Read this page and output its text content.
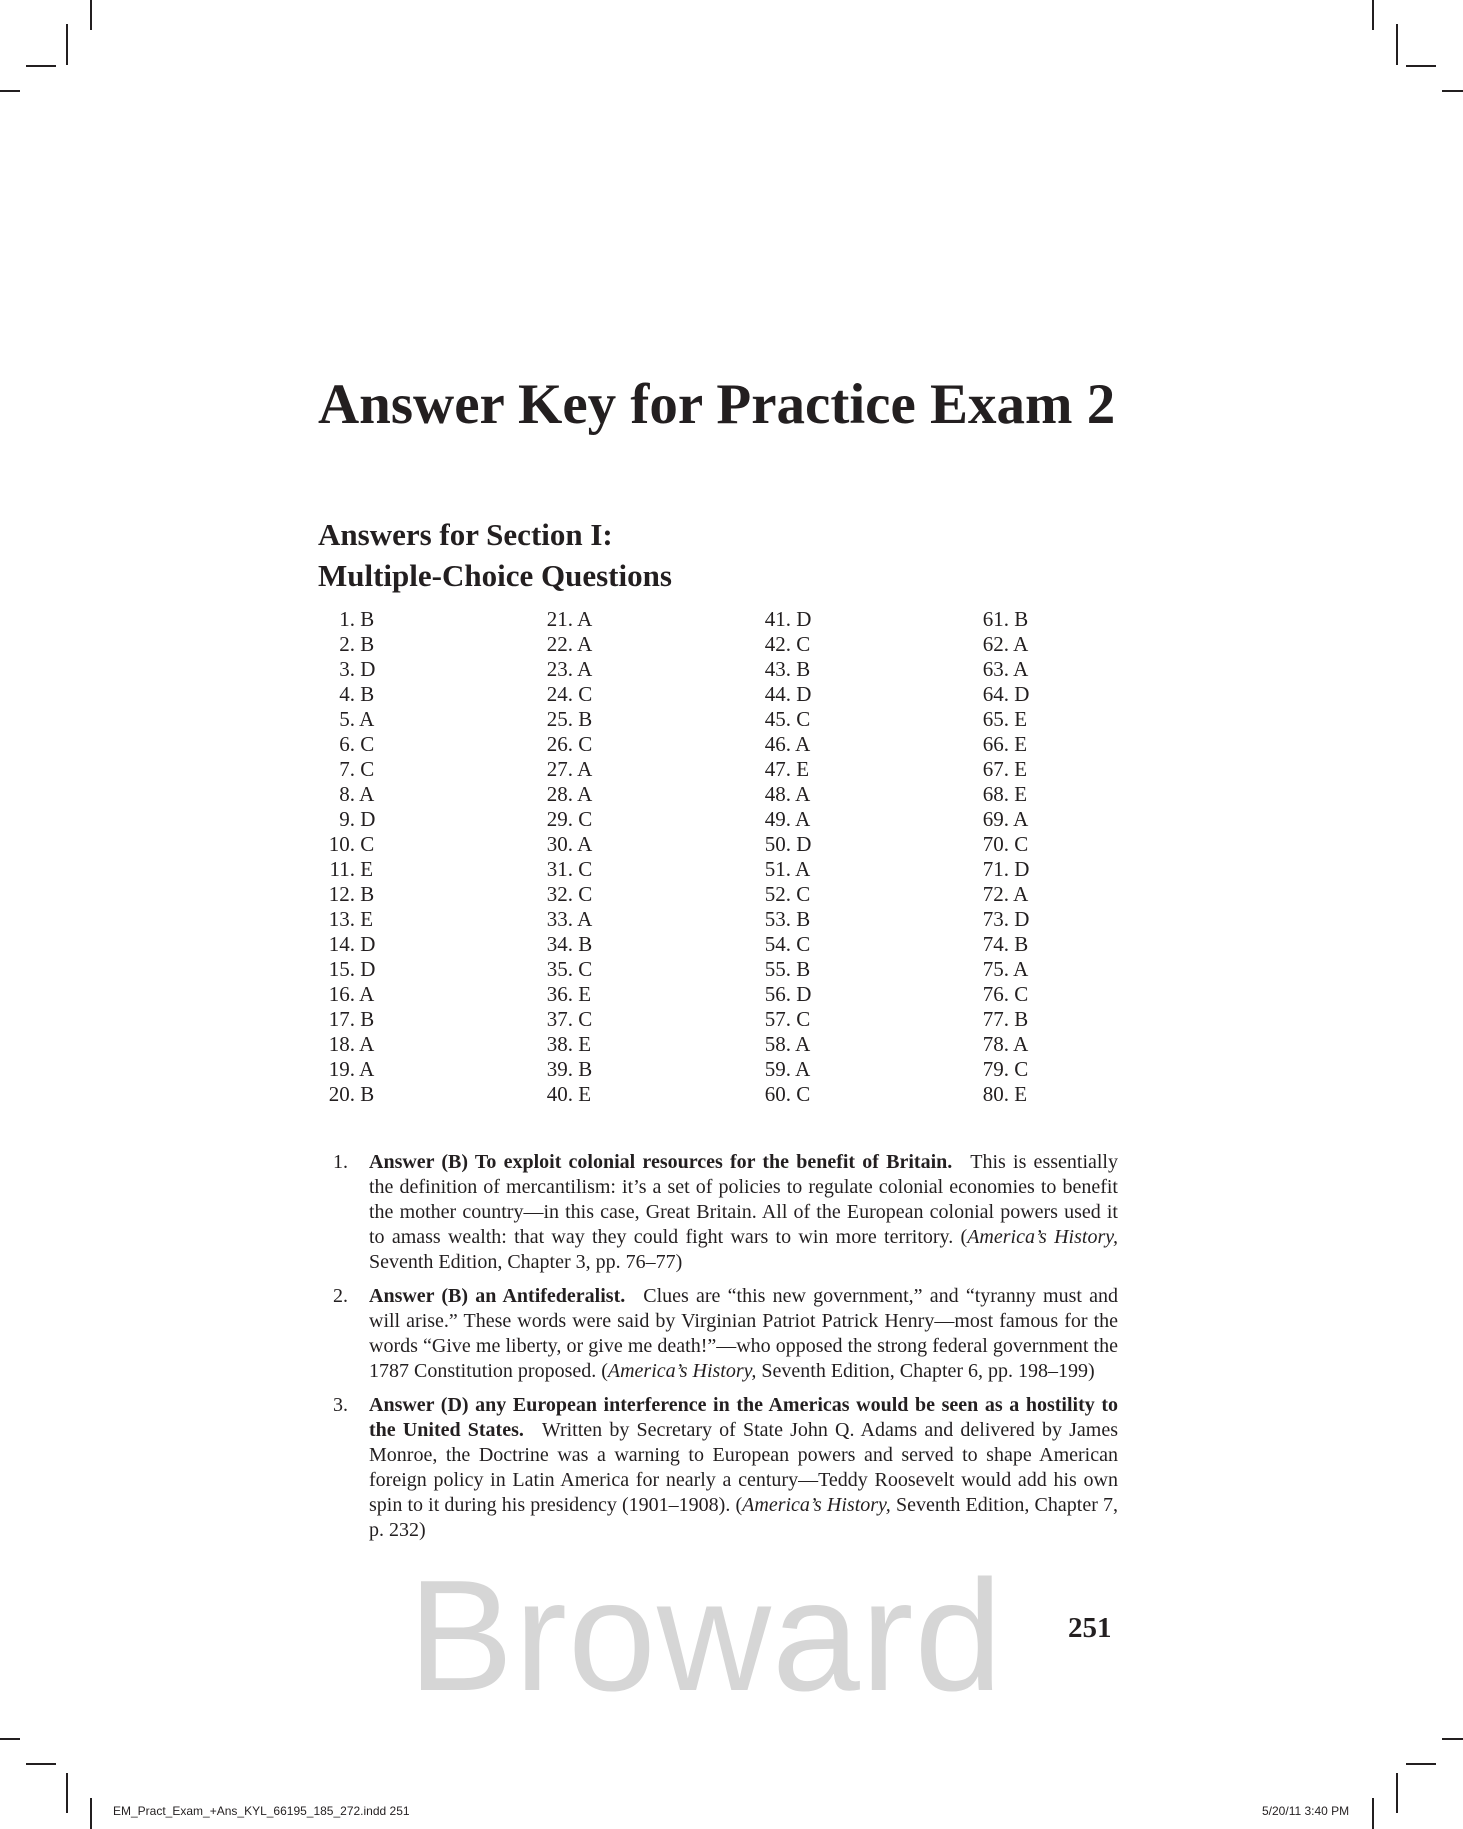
Answer Key for Practice Exam 2
Answers for Section I:
Multiple-Choice Questions
1. B
2. B
3. D
4. B
5. A
6. C
7. C
8. A
9. D
10. C
11. E
12. B
13. E
14. D
15. D
16. A
17. B
18. A
19. A
20. B
21. A
22. A
23. A
24. C
25. B
26. C
27. A
28. A
29. C
30. A
31. C
32. C
33. A
34. B
35. C
36. E
37. C
38. E
39. B
40. E
41. D
42. C
43. B
44. D
45. C
46. A
47. E
48. A
49. A
50. D
51. A
52. C
53. B
54. C
55. B
56. D
57. C
58. A
59. A
60. C
61. B
62. A
63. A
64. D
65. E
66. E
67. E
68. E
69. A
70. C
71. D
72. A
73. D
74. B
75. A
76. C
77. B
78. A
79. C
80. E
1. Answer (B) To exploit colonial resources for the benefit of Britain. This is essentially the definition of mercantilism: it’s a set of policies to regulate colonial economies to benefit the mother country—in this case, Great Britain. All of the European colonial powers used it to amass wealth: that way they could fight wars to win more territory. (America’s History, Seventh Edition, Chapter 3, pp. 76–77)
2. Answer (B) an Antifederalist. Clues are “this new government,” and “tyranny must and will arise.” These words were said by Virginian Patriot Patrick Henry—most famous for the words “Give me liberty, or give me death!”—who opposed the strong federal government the 1787 Constitution proposed. (America’s History, Seventh Edition, Chapter 6, pp. 198–199)
3. Answer (D) any European interference in the Americas would be seen as a hostility to the United States. Written by Secretary of State John Q. Adams and delivered by James Monroe, the Doctrine was a warning to European powers and served to shape American foreign policy in Latin America for nearly a century—Teddy Roosevelt would add his own spin to it during his presidency (1901–1908). (America’s History, Seventh Edition, Chapter 7, p. 232)
Broward 251
EM_Pract_Exam_+Ans_KYL_66195_185_272.indd 251	5/20/11 3:40 PM
